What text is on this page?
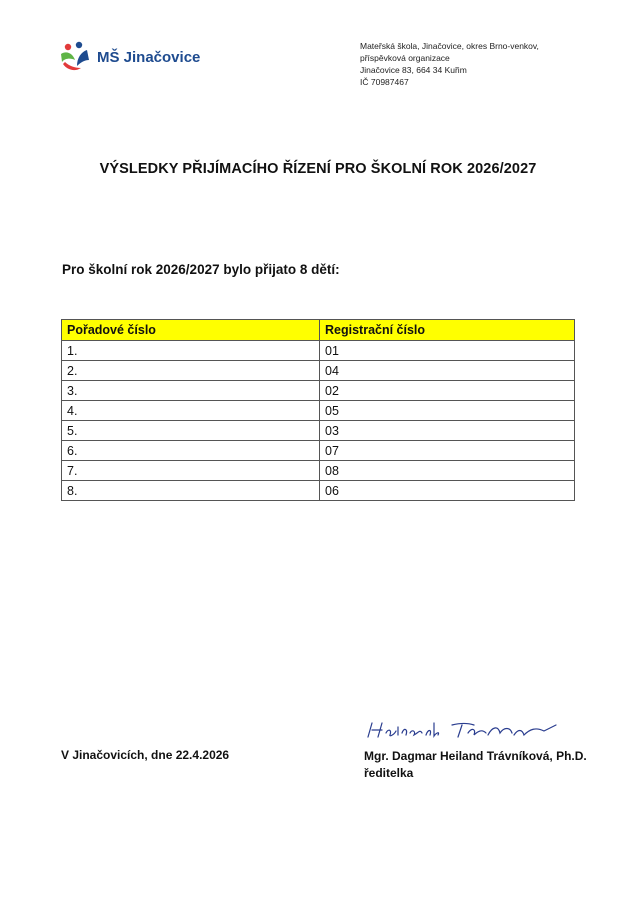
MŠ Jinačovice
Mateřská škola, Jinačovice, okres Brno-venkov,
příspěvková organizace
Jinačovice 83, 664 34 Kuřim
IČ 70987467
VÝSLEDKY PŘIJÍMACÍHO ŘÍZENÍ PRO ŠKOLNÍ ROK 2026/2027
Pro školní rok 2026/2027 bylo přijato 8 dětí:
Pořadové číslo	Registrační číslo
1.	01
2.	04
3.	02
4.	05
5.	03
6.	07
7.	08
8.	06
V Jinačovicích, dne 22.4.2026	Mgr. Dagmar Heiland Trávníková, Ph.D.
ředitelka
